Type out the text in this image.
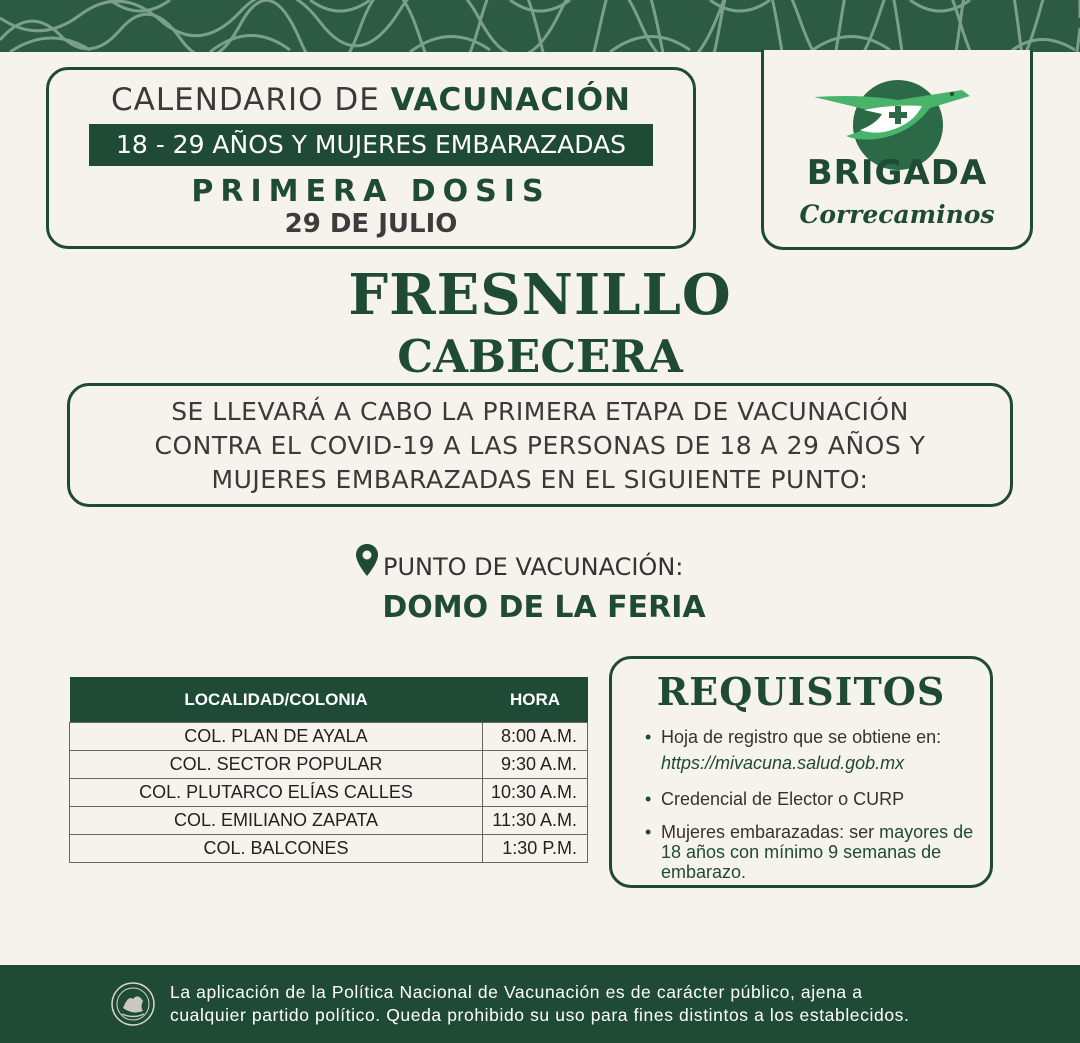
CALENDARIO DE VACUNACIÓN
18 - 29 AÑOS Y MUJERES EMBARAZADAS
PRIMERA DOSIS
29 DE JULIO
BRIGADA
Correcaminos
FRESNILLO
CABECERA
SE LLEVARÁ A CABO LA PRIMERA ETAPA DE VACUNACIÓN
CONTRA EL COVID-19 A LAS PERSONAS DE 18 A 29 AÑOS Y
MUJERES EMBARAZADAS EN EL SIGUIENTE PUNTO:
PUNTO DE VACUNACIÓN:
DOMO DE LA FERIA
LOCALIDAD/COLONIA	HORA
COL. PLAN DE AYALA	8:00 A.M.
COL. SECTOR POPULAR	9:30 A.M.
COL. PLUTARCO ELÍAS CALLES	10:30 A.M.
COL. EMILIANO ZAPATA	11:30 A.M.
COL. BALCONES	1:30 P.M.
REQUISITOS
• Hoja de registro que se obtiene en: https://mivacuna.salud.gob.mx
• Credencial de Elector o CURP
• Mujeres embarazadas: ser mayores de 18 años con mínimo 9 semanas de embarazo.

La aplicación de la Política Nacional de Vacunación es de carácter público, ajena a
cualquier partido político. Queda prohibido su uso para fines distintos a los establecidos.
